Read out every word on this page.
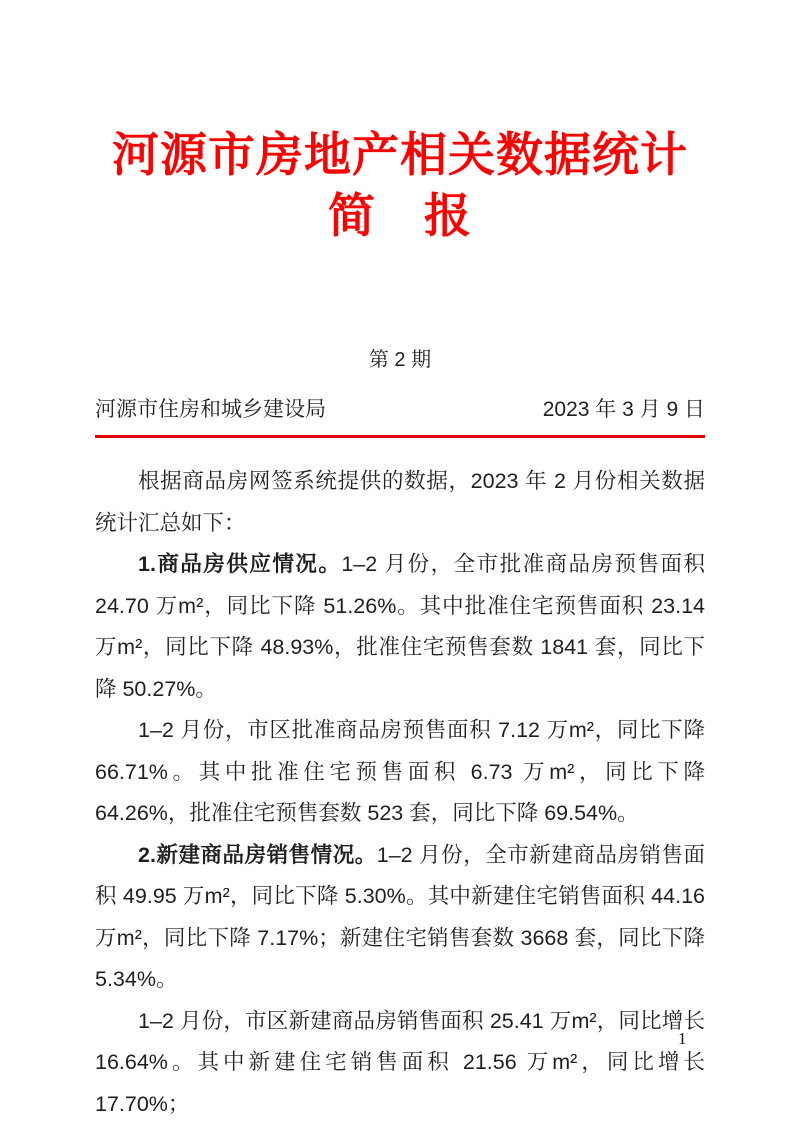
河源市房地产相关数据统计
简　报
第 2 期
河源市住房和城乡建设局	2023 年 3 月 9 日

根据商品房网签系统提供的数据，2023 年 2 月份相关数据统计汇总如下：

1.商品房供应情况。1–2 月份，全市批准商品房预售面积 24.70 万m²，同比下降 51.26%。其中批准住宅预售面积 23.14 万m²，同比下降 48.93%，批准住宅预售套数 1841 套，同比下降 50.27%。

1–2 月份，市区批准商品房预售面积 7.12 万m²，同比下降 66.71%。其中批准住宅预售面积 6.73 万m²，同比下降 64.26%，批准住宅预售套数 523 套，同比下降 69.54%。

2.新建商品房销售情况。1–2 月份，全市新建商品房销售面积 49.95 万m²，同比下降 5.30%。其中新建住宅销售面积 44.16 万m²，同比下降 7.17%；新建住宅销售套数 3668 套，同比下降 5.34%。

1–2 月份，市区新建商品房销售面积 25.41 万m²，同比增长 16.64%。其中新建住宅销售面积 21.56 万m²，同比增长 17.70%；

1
